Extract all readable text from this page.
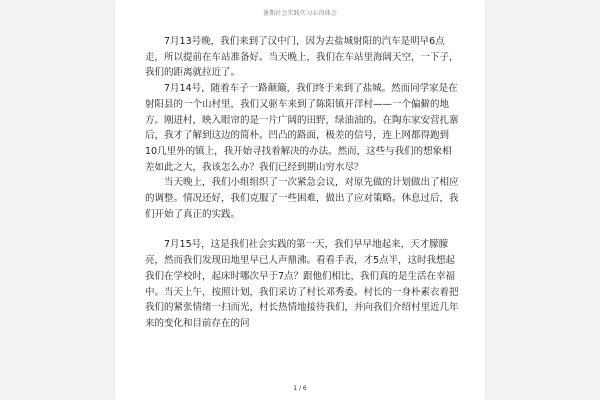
暑期社会实践实习心得体会

7月13号晚，我们来到了汉中门，因为去盐城射阳的汽车是明早6点走，所以提前在车站准备好。当天晚上，我们在车站里海阔天空，一下子，我们的距离就拉近了。

7月14号，随着车子一路颠簸，我们终于来到了盐城。然而同学家是在射阳县的一个山村里，我们又驱车来到了陈阳镇开洋村——一个偏僻的地方。刚进村，映入眼帘的是一片广阔的田野，绿油油的。在陶东家安营扎寨后，我才了解到这边的简朴。凹凸的路面，极差的信号，连上网都得跑到10几里外的镇上，我开始寻找着解决的办法。然而，这些与我们的想象相差如此之大，我该怎么办？我们已经到期山穷水尽？

当天晚上，我们小组组织了一次紧急会议，对原先做的计划做出了相应的调整。情况还好，我们克服了一些困难，做出了应对策略。休息过后，我们开始了真正的实践。

7月15号，这是我们社会实践的第一天，我们早早地起来，天才朦朦亮，然而我们发现田地里早已人声鼎沸。看看手表，才5点半，这时我想起我们在学校时，起床时哪次早于7点？跟他们相比，我们真的是生活在幸福中。当天上午，按照计划，我们采访了村长邓秀委。村长的一身朴素衣着把我们的紧张情绪一扫而光，村长热情地接待我们，并向我们介绍村里近几年来的变化和目前存在的问

1 / 6
